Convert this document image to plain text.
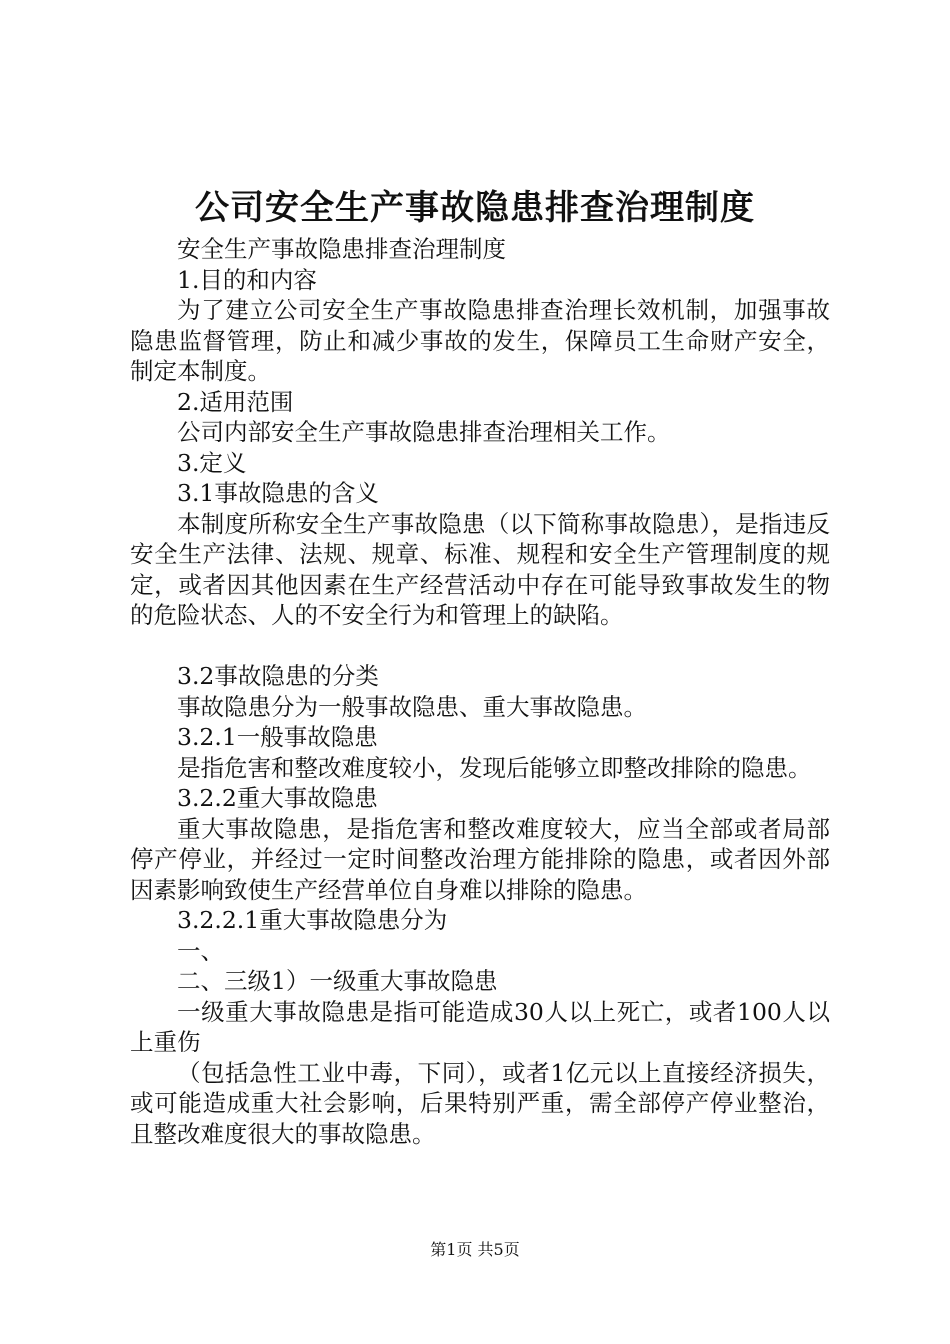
公司安全生产事故隐患排查治理制度

安全生产事故隐患排查治理制度

1.目的和内容

为了建立公司安全生产事故隐患排查治理长效机制，加强事故隐患监督管理，防止和减少事故的发生，保障员工生命财产安全，制定本制度。

2.适用范围

公司内部安全生产事故隐患排查治理相关工作。

3.定义

3.1事故隐患的含义

本制度所称安全生产事故隐患（以下简称事故隐患），是指违反安全生产法律、法规、规章、标准、规程和安全生产管理制度的规定，或者因其他因素在生产经营活动中存在可能导致事故发生的物的危险状态、人的不安全行为和管理上的缺陷。

3.2事故隐患的分类

事故隐患分为一般事故隐患、重大事故隐患。

3.2.1一般事故隐患

是指危害和整改难度较小，发现后能够立即整改排除的隐患。

3.2.2重大事故隐患

重大事故隐患，是指危害和整改难度较大，应当全部或者局部停产停业，并经过一定时间整改治理方能排除的隐患，或者因外部因素影响致使生产经营单位自身难以排除的隐患。

3.2.2.1重大事故隐患分为

一、

二、三级1）一级重大事故隐患

一级重大事故隐患是指可能造成30人以上死亡，或者100人以上重伤

（包括急性工业中毒，下同），或者1亿元以上直接经济损失，或可能造成重大社会影响，后果特别严重，需全部停产停业整治，且整改难度很大的事故隐患。

第1页 共5页
